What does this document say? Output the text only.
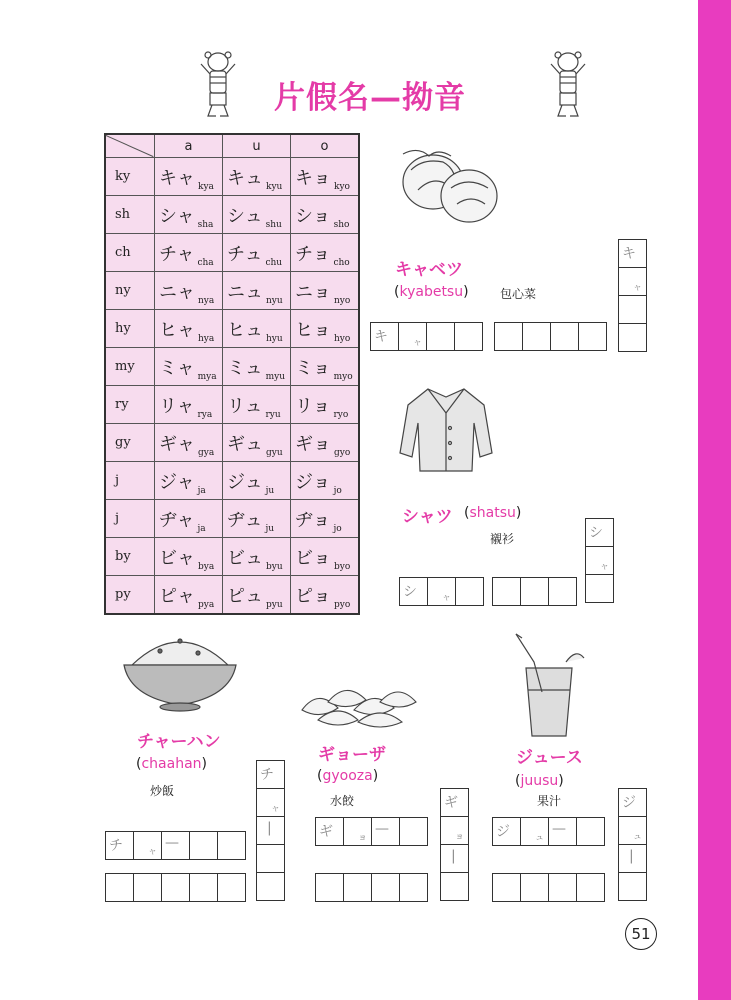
片假名—拗音
	a	u	o
ky	キャ $_{kya}$	キュ $_{kyu}$	キョ $_{kyo}$
sh	シャ $_{sha}$	シュ $_{shu}$	ショ $_{sho}$
ch	チャ $_{cha}$	チュ $_{chu}$	チョ $_{cho}$
ny	ニャ $_{nya}$	ニュ $_{nyu}$	ニョ $_{nyo}$
hy	ヒャ $_{hya}$	ヒュ $_{hyu}$	ヒョ $_{hyo}$
my	ミャ $_{mya}$	ミュ $_{myu}$	ミョ $_{myo}$
ry	リャ $_{rya}$	リュ $_{ryu}$	リョ $_{ryo}$
gy	ギャ $_{gya}$	ギュ $_{gyu}$	ギョ $_{gyo}$
j	ジャ $_{ja}$	ジュ $_{ju}$	ジョ $_{jo}$
j	ヂャ $_{ja}$	ヂュ $_{ju}$	ヂョ $_{jo}$
by	ビャ $_{bya}$	ビュ $_{byu}$	ビョ $_{byo}$
py	ピャ $_{pya}$	ピュ $_{pyu}$	ピョ $_{pyo}$
キャベツ
(kyabetsu)	包心菜
キ	ャ
キ
ャ
シャツ (shatsu)
襯衫
シ	ャ
シ
ャ
チャーハン
(chaahan)
炒飯
チ	ャ
—
チ
ャ
|
ギョーザ
(gyooza)
水餃
ギ	ョ
—
ギ
ョ
|
ジュース
(juusu)
果汁
ジ	ュ
—
ジ
ュ
|
51
